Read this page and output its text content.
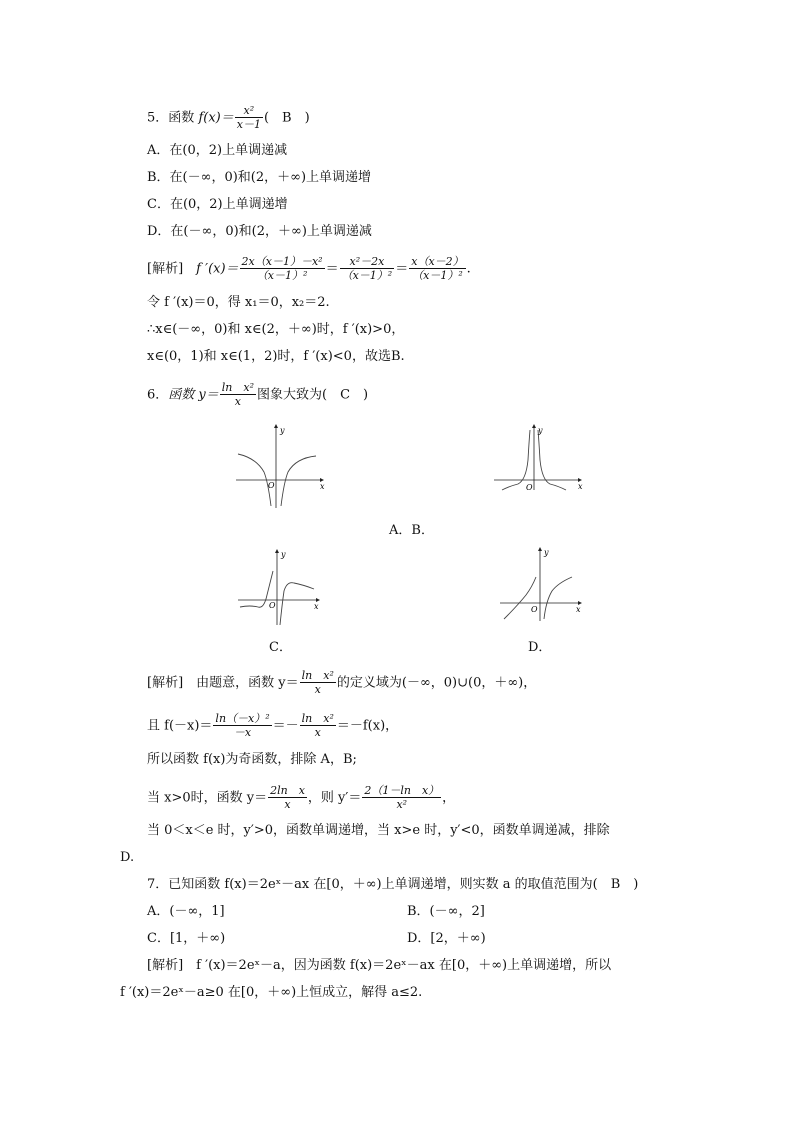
5．函数 $f(x)= \frac{\text{x²}}{x-1}$ (　B　)
A．在(0，2)上单调递减
B．在(－∞，0)和(2，＋∞)上单调递增
C．在(0，2)上单调递增
D．在(－∞，0)和(2，＋∞)上单调递减
[解析]　 f $'(x)= \frac{\text{2x（x－1）－x²}}{\text{（x－1）²}} = \frac{\text{x²－2x}}{\text{（x－1）²}} = \frac{x(x-2)}{\text{（x－1）²}}$ .
令 f ′(x)＝0，得 x₁＝0，x₂＝2.
∴x∈(－∞，0)和 x∈(2，＋∞)时，f ′(x)>0，
x∈(0，1)和 x∈(1，2)时，f ′(x)<0，故选B.
6．函数 $y= \frac{\text{ln　x²}}{x}$ 图象大致为(　C　)
y
x
O
y
x
O
A．B．
y
x
O
y
x
O
C．	D．
[解析]　 由题意，函数 $y= \frac{\text{ln　x²}}{x}$ 的定义域为(－∞，0)∪(0，＋∞)，
且 $f(-x)= \frac{\text{ln（－x）²}}{-x} =- \frac{\text{ln　x²}}{x} =-f(x)$，
所以函数 f(x)为奇函数，排除 A，B;
当 x>0时，函数 $y= \frac{\text{2ln　x}}{x}$ ，则 $y'= \frac{\text{2（1－ln　x）}}{\text{x²}}$ ，
当 0＜x＜e 时，y′>0，函数单调递增，当 x>e 时，y′<0，函数单调递减，排除
D.
7．已知函数 f(x)＝2eˣ－ax 在[0，＋∞)上单调递增，则实数 a 的取值范围为(　B　)
A．(－∞，1]	B．(－∞，2]
C．[1，＋∞)	D．[2，＋∞)
[解析]　 f ′(x)＝2eˣ－a，因为函数 f(x)＝2eˣ－ax 在[0，＋∞)上单调递增，所以
f ′(x)＝2eˣ－a≥0 在[0，＋∞)上恒成立，解得 a≤2.
